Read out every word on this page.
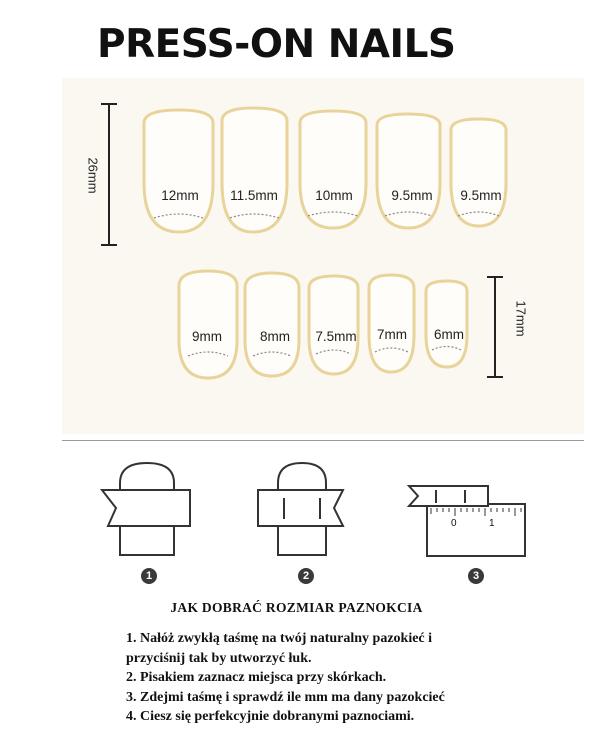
PRESS-ON NAILS
26mm
17mm
12mm 11.5mm	10mm	9.5mm 9.5mm
9mm	8mm 7.5mm 7mm 6mm
0	1
1	2	3
JAK DOBRAĆ ROZMIAR PAZNOKCIA
1. Nałóż zwykłą taśmę na twój naturalny pazokieć i
przyciśnij tak by utworzyć łuk.
2. Pisakiem zaznacz miejsca przy skórkach.
3. Zdejmi taśmę i sprawdź ile mm ma dany pazokcieć
4. Ciesz się perfekcyjnie dobranymi paznociami.
